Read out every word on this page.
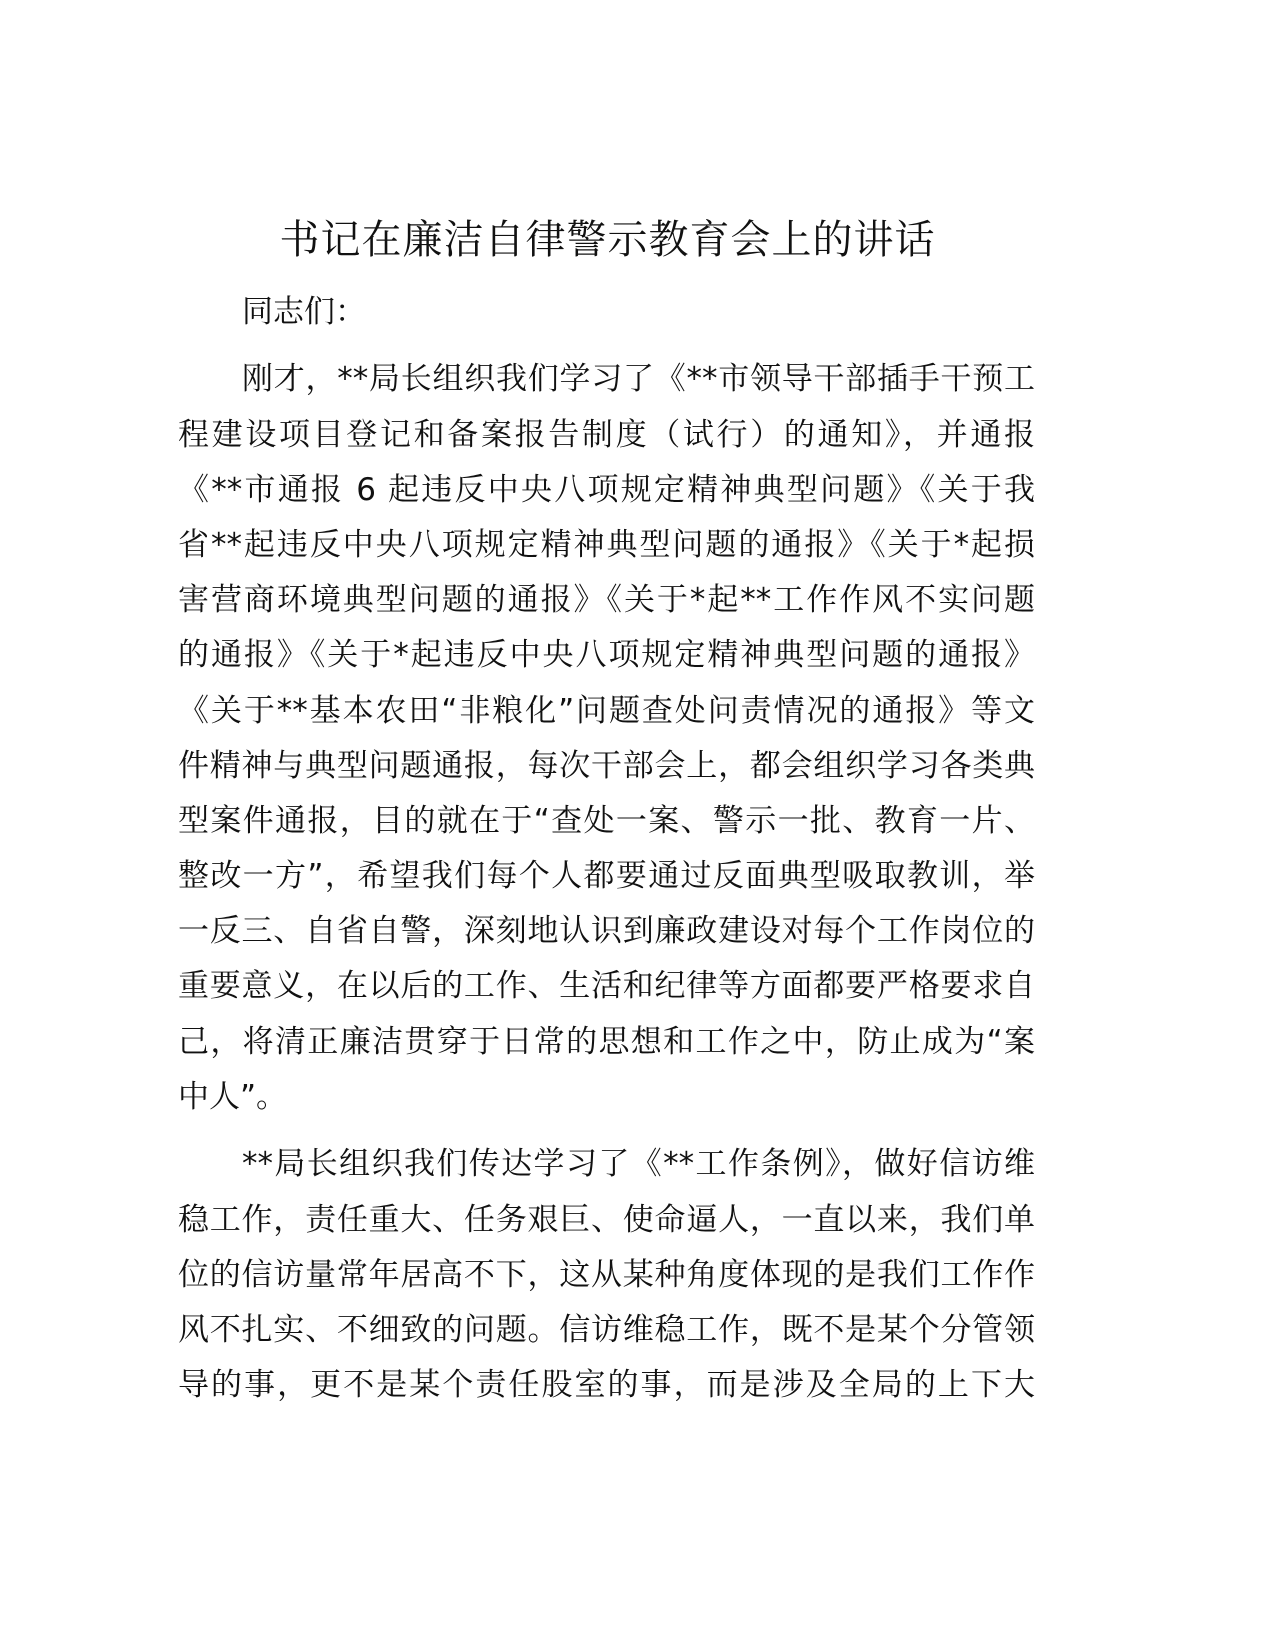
书记在廉洁自律警示教育会上的讲话
同志们：
刚才，**局长组织我们学习了《**市领导干部插手干预工
程建设项目登记和备案报告制度（试行）的通知》，并通报
《**市通报 6 起违反中央八项规定精神典型问题》《关于我
省**起违反中央八项规定精神典型问题的通报》《关于*起损
害营商环境典型问题的通报》《关于*起**工作作风不实问题
的通报》《关于*起违反中央八项规定精神典型问题的通报》
《关于**基本农田“非粮化”问题查处问责情况的通报》等文
件精神与典型问题通报，每次干部会上，都会组织学习各类典
型案件通报，目的就在于“查处一案、警示一批、教育一片、
整改一方”，希望我们每个人都要通过反面典型吸取教训，举
一反三、自省自警，深刻地认识到廉政建设对每个工作岗位的
重要意义，在以后的工作、生活和纪律等方面都要严格要求自
己，将清正廉洁贯穿于日常的思想和工作之中，防止成为“案
中人”。
**局长组织我们传达学习了《**工作条例》，做好信访维
稳工作，责任重大、任务艰巨、使命逼人，一直以来，我们单
位的信访量常年居高不下，这从某种角度体现的是我们工作作
风不扎实、不细致的问题。信访维稳工作，既不是某个分管领
导的事，更不是某个责任股室的事，而是涉及全局的上下大
